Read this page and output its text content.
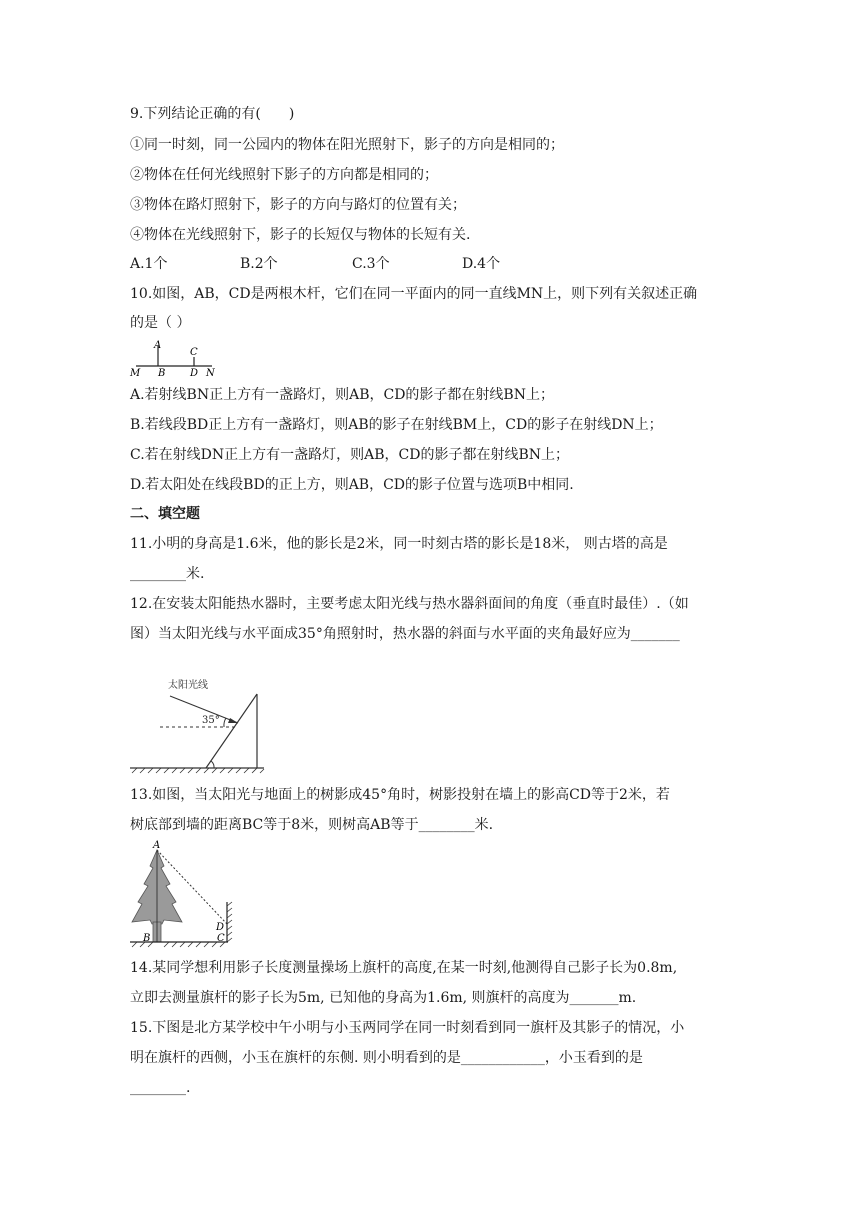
9.下列结论正确的有(　　)
①同一时刻，同一公园内的物体在阳光照射下，影子的方向是相同的；
②物体在任何光线照射下影子的方向都是相同的；
③物体在路灯照射下，影子的方向与路灯的位置有关；
④物体在光线照射下，影子的长短仅与物体的长短有关.
A.1个	B.2个	C.3个	D.4个
10.如图，AB，CD是两根木杆，它们在同一平面内的同一直线MN上，则下列有关叙述正确
的是（ ）
A
C
M B D N
A.若射线BN正上方有一盏路灯，则AB，CD的影子都在射线BN上；
B.若线段BD正上方有一盏路灯，则AB的影子在射线BM上，CD的影子在射线DN上；
C.若在射线DN正上方有一盏路灯，则AB，CD的影子都在射线BN上；
D.若太阳处在线段BD的正上方，则AB，CD的影子位置与选项B中相同.
二、填空题
11.小明的身高是1.6米，他的影长是2米，同一时刻古塔的影长是18米， 则古塔的高是
________米.
12.在安装太阳能热水器时，主要考虑太阳光线与热水器斜面间的角度（垂直时最佳）.（如
图）当太阳光线与水平面成35°角照射时，热水器的斜面与水平面的夹角最好应为_______
太阳光线
35°
13.如图，当太阳光与地面上的树影成45°角时，树影投射在墙上的影高CD等于2米，若
树底部到墙的距离BC等于8米，则树高AB等于________米.
A
B
D
C
14.某同学想利用影子长度测量操场上旗杆的高度,在某一时刻,他测得自己影子长为0.8m,
立即去测量旗杆的影子长为5m, 已知他的身高为1.6m, 则旗杆的高度为_______m.
15.下图是北方某学校中午小明与小玉两同学在同一时刻看到同一旗杆及其影子的情况，小
明在旗杆的西侧，小玉在旗杆的东侧. 则小明看到的是____________，小玉看到的是
________.
